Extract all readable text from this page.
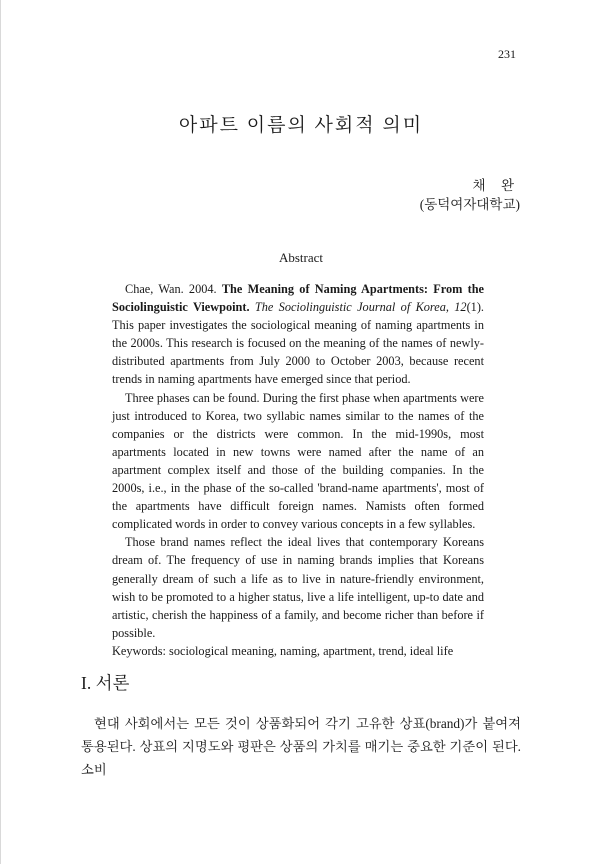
231
아파트 이름의 사회적 의미
채 완
(동덕여자대학교)
Abstract

Chae, Wan. 2004. The Meaning of Naming Apartments: From the Sociolinguistic Viewpoint. The Sociolinguistic Journal of Korea, 12(1). This paper investigates the sociological meaning of naming apartments in the 2000s. This research is focused on the meaning of the names of newly-distributed apartments from July 2000 to October 2003, because recent trends in naming apartments have emerged since that period.

Three phases can be found. During the first phase when apartments were just introduced to Korea, two syllabic names similar to the names of the companies or the districts were common. In the mid-1990s, most apartments located in new towns were named after the name of an apartment complex itself and those of the building companies. In the 2000s, i.e., in the phase of the so-called 'brand-name apartments', most of the apartments have difficult foreign names. Namists often formed complicated words in order to convey various concepts in a few syllables.

Those brand names reflect the ideal lives that contemporary Koreans dream of. The frequency of use in naming brands implies that Koreans generally dream of such a life as to live in nature-friendly environment, wish to be promoted to a higher status, live a life intelligent, up-to date and artistic, cherish the happiness of a family, and become richer than before if possible.

Keywords: sociological meaning, naming, apartment, trend, ideal life

I. 서론

현대 사회에서는 모든 것이 상품화되어 각기 고유한 상표(brand)가 붙여져 통용된다. 상표의 지명도와 평판은 상품의 가치를 매기는 중요한 기준이 된다. 소비
